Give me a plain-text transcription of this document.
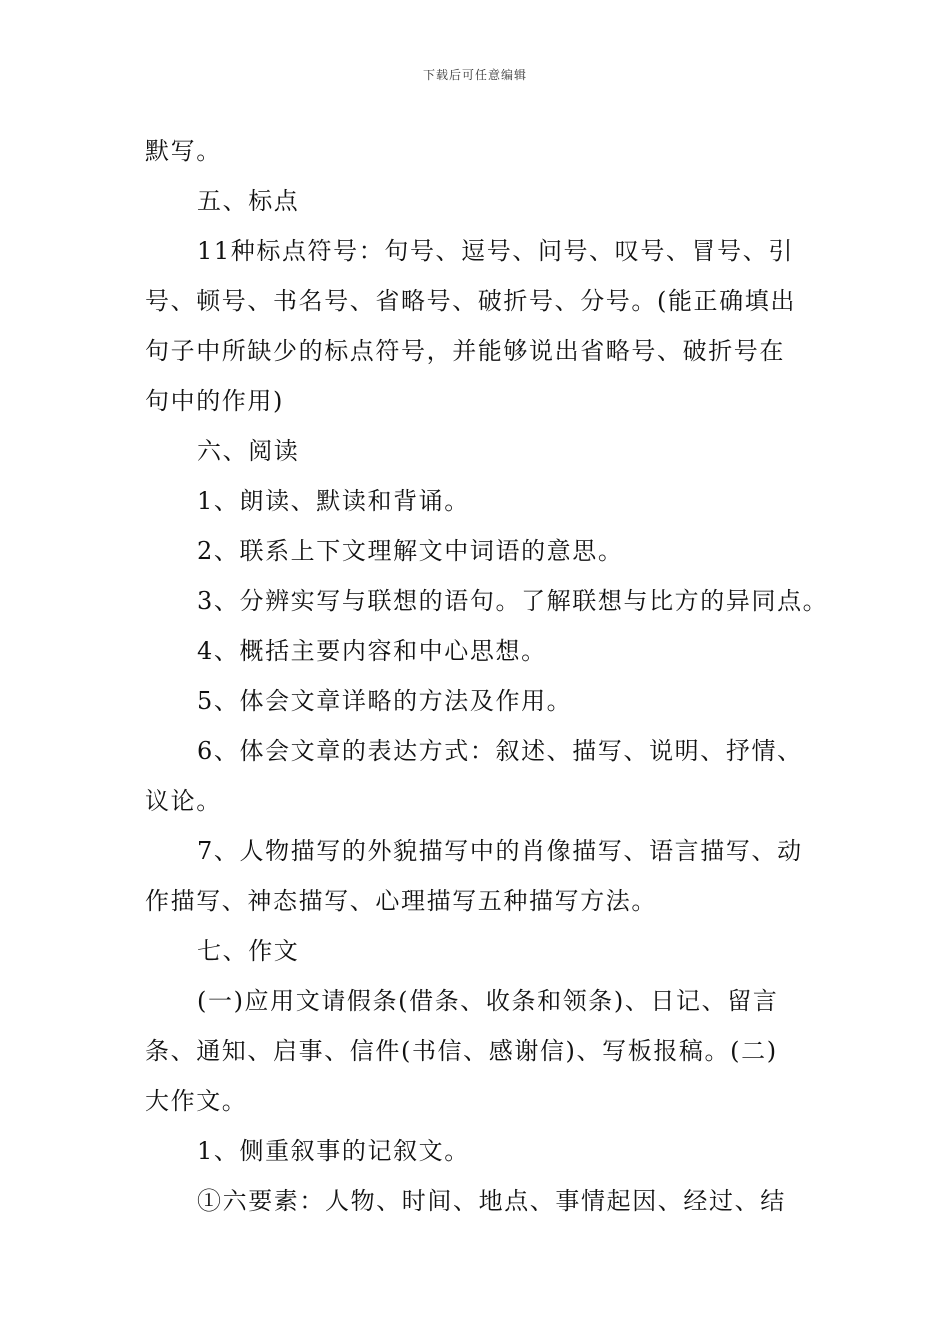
下载后可任意编辑

默写。

五、标点

11种标点符号：句号、逗号、问号、叹号、冒号、引

号、顿号、书名号、省略号、破折号、分号。(能正确填出

句子中所缺少的标点符号，并能够说出省略号、破折号在

句中的作用)

六、阅读

1、朗读、默读和背诵。

2、联系上下文理解文中词语的意思。

3、分辨实写与联想的语句。了解联想与比方的异同点。

4、概括主要内容和中心思想。

5、体会文章详略的方法及作用。

6、体会文章的表达方式：叙述、描写、说明、抒情、

议论。

7、人物描写的外貌描写中的肖像描写、语言描写、动

作描写、神态描写、心理描写五种描写方法。

七、作文

(一)应用文请假条(借条、收条和领条)、日记、留言

条、通知、启事、信件(书信、感谢信)、写板报稿。(二)

大作文。

1、侧重叙事的记叙文。

①六要素：人物、时间、地点、事情起因、经过、结
